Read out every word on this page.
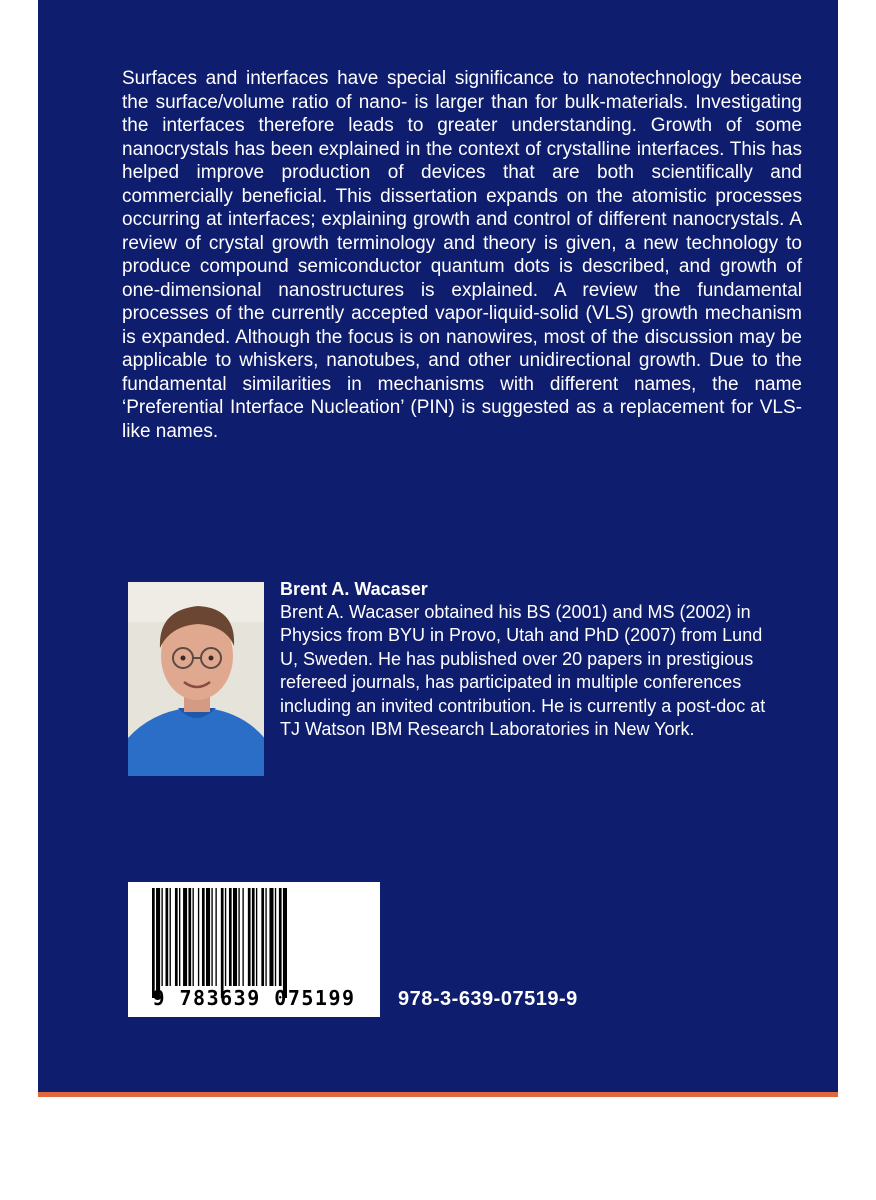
Surfaces and interfaces have special significance to nanotechnology because the surface/volume ratio of nano- is larger than for bulk-materials. Investigating the interfaces therefore leads to greater understanding. Growth of some nanocrystals has been explained in the context of crystalline interfaces. This has helped improve production of devices that are both scientifically and commercially beneficial. This dissertation expands on the atomistic processes occurring at interfaces; explaining growth and control of different nanocrystals. A review of crystal growth terminology and theory is given, a new technology to produce compound semiconductor quantum dots is described, and growth of one-dimensional nanostructures is explained. A review the fundamental processes of the currently accepted vapor-liquid-solid (VLS) growth mechanism is expanded. Although the focus is on nanowires, most of the discussion may be applicable to whiskers, nanotubes, and other unidirectional growth. Due to the fundamental similarities in mechanisms with different names, the name ‘Preferential Interface Nucleation’ (PIN) is suggested as a replacement for VLS-like names.

Brent A. Wacaser

Brent A. Wacaser obtained his BS (2001) and MS (2002) in Physics from BYU in Provo, Utah and PhD (2007) from Lund U, Sweden. He has published over 20 papers in prestigious refereed journals, has participated in multiple conferences including an invited contribution. He is currently a post-doc at TJ Watson IBM Research Laboratories in New York.

9 783639 075199	978-3-639-07519-9
